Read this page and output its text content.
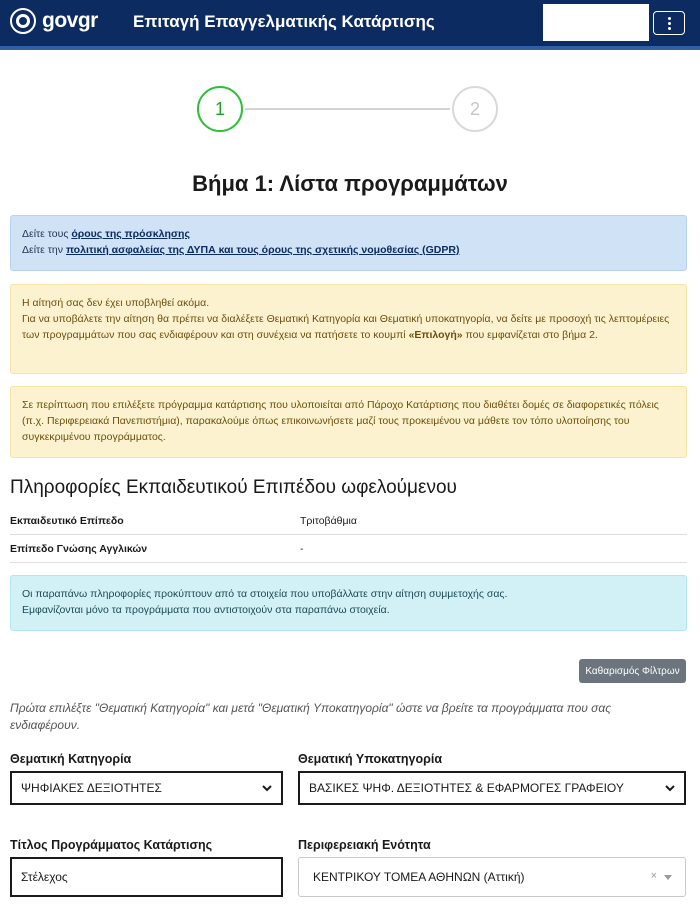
govgr Επιταγή Επαγγελματικής Κατάρτισης
1	2
Βήμα 1: Λίστα προγραμμάτων
Δείτε τους όρους της πρόσκλησης
Δείτε την πολιτική ασφαλείας της ΔΥΠΑ και τους όρους της σχετικής νομοθεσίας (GDPR)
Η αίτησή σας δεν έχει υποβληθεί ακόμα.
Για να υποβάλετε την αίτηση θα πρέπει να διαλέξετε Θεματική Κατηγορία και Θεματική υποκατηγορία, να δείτε με προσοχή τις λεπτομέρειες των προγραμμάτων που σας ενδιαφέρουν και στη συνέχεια να πατήσετε το κουμπί «Επιλογή» που εμφανίζεται στο βήμα 2.
Σε περίπτωση που επιλέξετε πρόγραμμα κατάρτισης που υλοποιείται από Πάροχο Κατάρτισης που διαθέτει δομές σε διαφορετικές πόλεις (π.χ. Περιφερειακά Πανεπιστήμια), παρακαλούμε όπως επικοινωνήσετε μαζί τους προκειμένου να μάθετε τον τόπο υλοποίησης του συγκεκριμένου προγράμματος.
Πληροφορίες Εκπαιδευτικού Επιπέδου ωφελούμενου
Εκπαιδευτικό Επίπεδο	Τριτοβάθμια
Επίπεδο Γνώσης Αγγλικών	-
Οι παραπάνω πληροφορίες προκύπτουν από τα στοιχεία που υποβάλλατε στην αίτηση συμμετοχής σας.
Εμφανίζονται μόνο τα προγράμματα που αντιστοιχούν στα παραπάνω στοιχεία.
Καθαρισμός Φίλτρων
Πρώτα επιλέξτε "Θεματική Κατηγορία" και μετά "Θεματική Υποκατηγορία" ώστε να βρείτε τα προγράμματα που σας ενδιαφέρουν.
Θεματική Κατηγορία
ΨΗΦΙΑΚΕΣ ΔΕΞΙΟΤΗΤΕΣ
Θεματική Υποκατηγορία
ΒΑΣΙΚΕΣ ΨΗΦ. ΔΕΞΙΟΤΗΤΕΣ & ΕΦΑΡΜΟΓΕΣ ΓΡΑΦΕΙΟΥ
Τίτλος Προγράμματος Κατάρτισης
Στέλεχος
Περιφερειακή Ενότητα
ΚΕΝΤΡΙΚΟΥ ΤΟΜΕΑ ΑΘΗΝΩΝ (Αττική)	×
